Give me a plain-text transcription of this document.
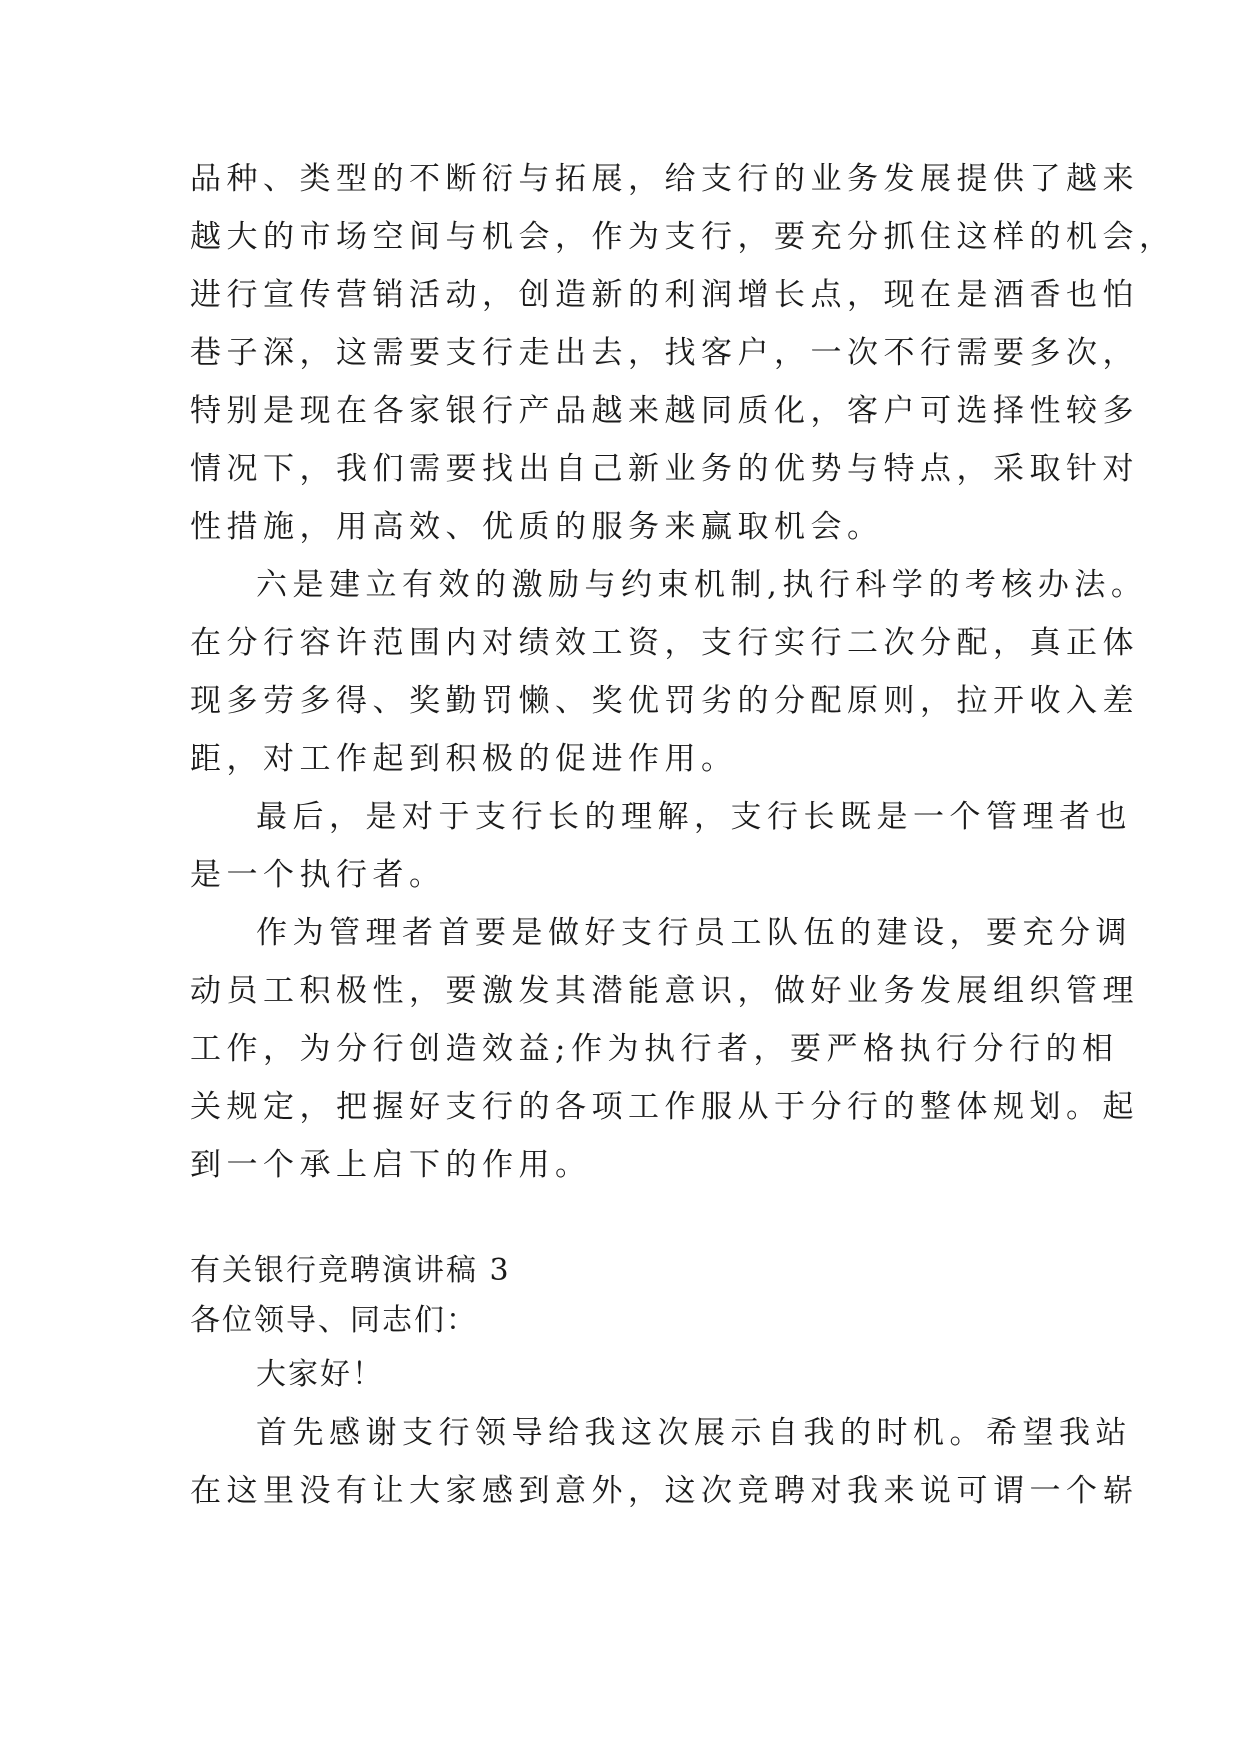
品种、类型的不断衍与拓展，给支行的业务发展提供了越来
越大的市场空间与机会，作为支行，要充分抓住这样的机会，
进行宣传营销活动，创造新的利润增长点，现在是酒香也怕
巷子深，这需要支行走出去，找客户，一次不行需要多次，
特别是现在各家银行产品越来越同质化，客户可选择性较多
情况下，我们需要找出自己新业务的优势与特点，采取针对
性措施，用高效、优质的服务来赢取机会。
六是建立有效的激励与约束机制,执行科学的考核办法。
在分行容许范围内对绩效工资，支行实行二次分配，真正体
现多劳多得、奖勤罚懒、奖优罚劣的分配原则，拉开收入差
距，对工作起到积极的促进作用。
最后，是对于支行长的理解，支行长既是一个管理者也
是一个执行者。
作为管理者首要是做好支行员工队伍的建设，要充分调
动员工积极性，要激发其潜能意识，做好业务发展组织管理
工作，为分行创造效益;作为执行者，要严格执行分行的相
关规定，把握好支行的各项工作服从于分行的整体规划。起
到一个承上启下的作用。
有关银行竞聘演讲稿 3
各位领导、同志们：
大家好！
首先感谢支行领导给我这次展示自我的时机。希望我站
在这里没有让大家感到意外，这次竞聘对我来说可谓一个崭
